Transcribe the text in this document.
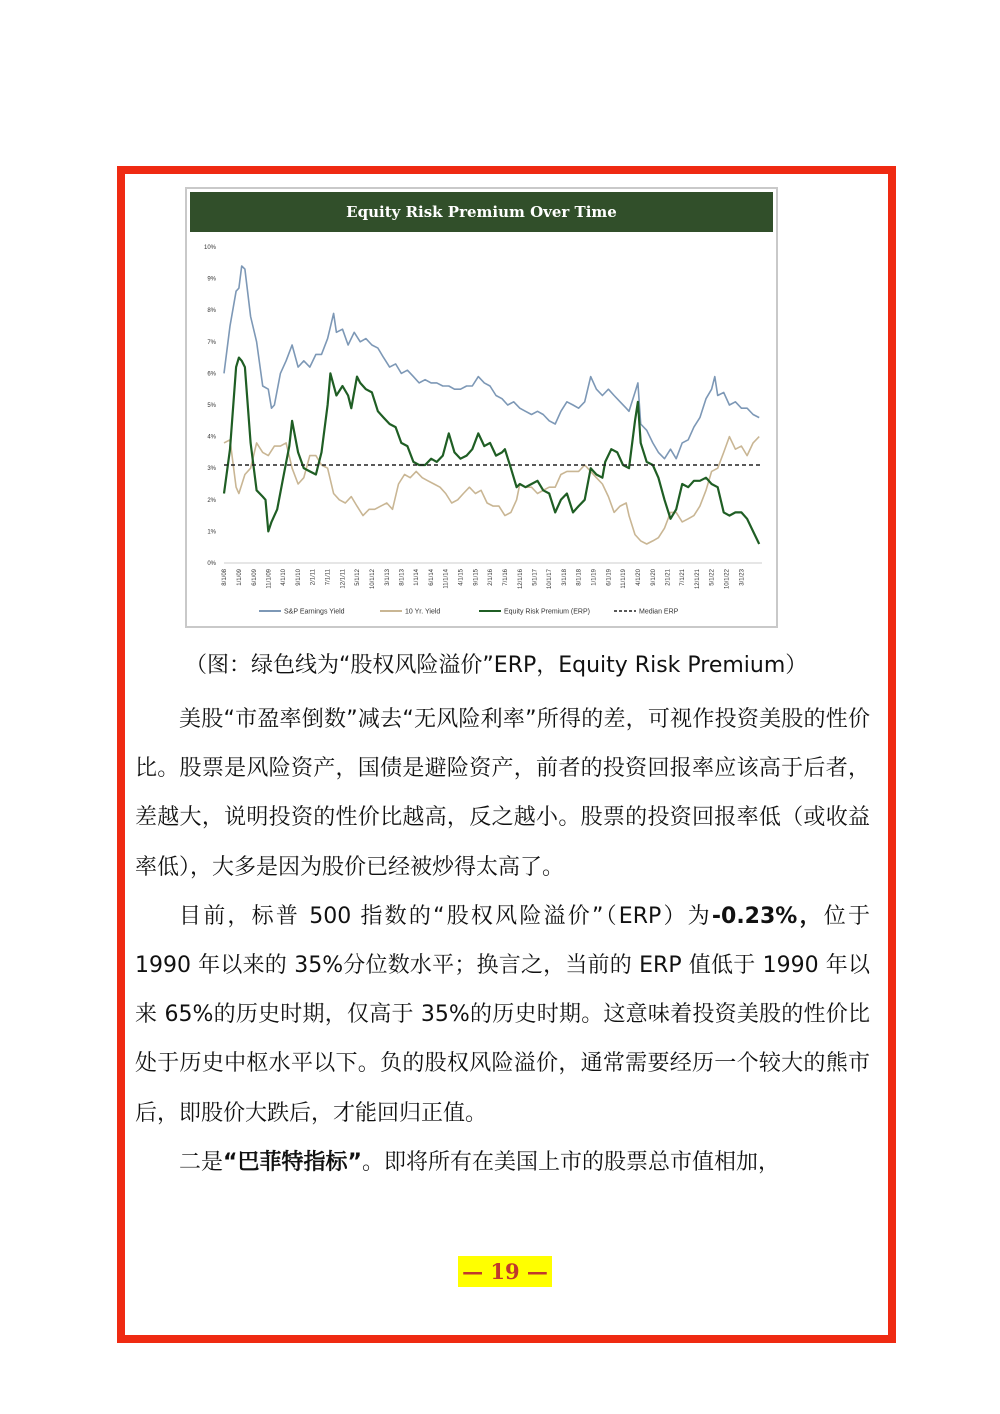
Equity Risk Premium Over Time
0%
1%
2%
3%
4%
5%
6%
7%
8%
9%
10%
8/1/08 1/1/09 6/1/09 11/1/09 4/1/10 9/1/10 2/1/11 7/1/11 12/1/11 5/1/12 10/1/12 3/1/13 8/1/13 1/1/14 6/1/14 11/1/14 4/1/15 9/1/15 2/1/16 7/1/16 12/1/16 5/1/17 10/1/17 3/1/18 8/1/18 1/1/19 6/1/19 11/1/19 4/1/20 9/1/20 2/1/21 7/1/21 12/1/21 5/1/22 10/1/22 3/1/23
S&P Earnings Yield	10 Yr. Yield	Equity Risk Premium (ERP)	Median ERP
（图：绿色线为“股权风险溢价”ERP，Equity Risk Premium）

美股“市盈率倒数”减去“无风险利率”所得的差，可视作投资美股的性价比。股票是风险资产，国债是避险资产，前者的投资回报率应该高于后者，差越大，说明投资的性价比越高，反之越小。股票的投资回报率低（或收益率低），大多是因为股价已经被炒得太高了。

目前，标普 500 指数的“股权风险溢价”（ERP）为-0.23%，位于 1990 年以来的 35%分位数水平；换言之，当前的 ERP 值低于 1990 年以来 65%的历史时期，仅高于 35%的历史时期。这意味着投资美股的性价比处于历史中枢水平以下。负的股权风险溢价，通常需要经历一个较大的熊市后，即股价大跌后，才能回归正值。

二是“巴菲特指标”。即将所有在美国上市的股票总市值相加，

— 19 —
